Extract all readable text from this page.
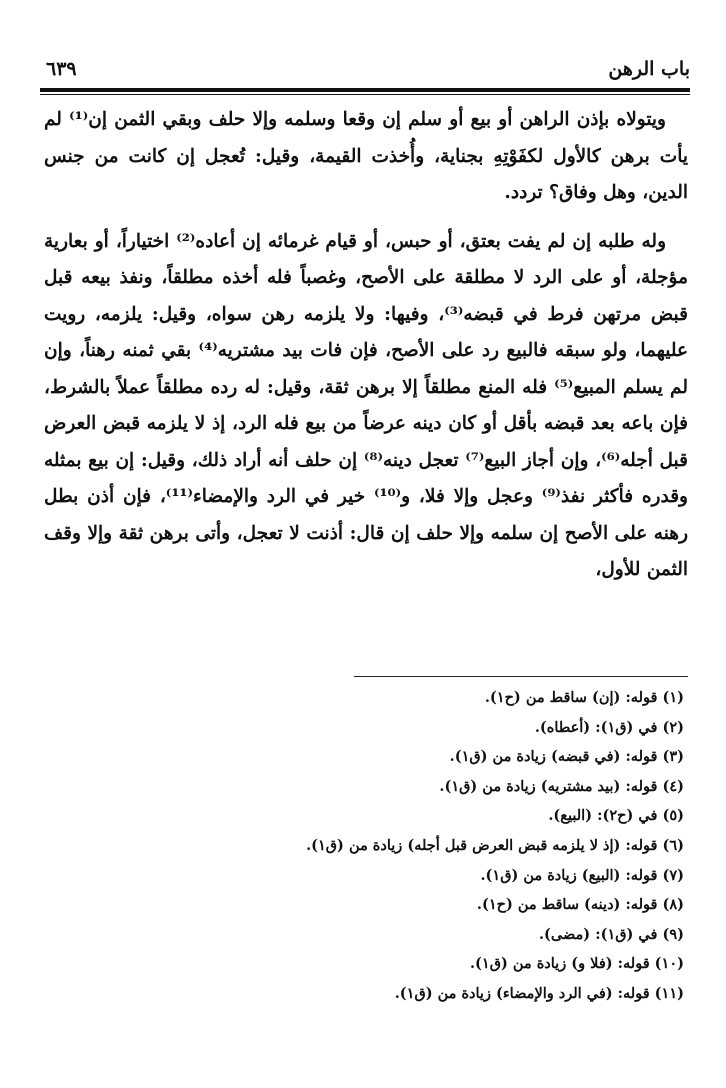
باب الرهن
٦٣٩

ويتولاه بإذن الراهن أو بيع أو سلم إن وقعا وسلمه وإلا حلف وبقي الثمن إن⁽¹⁾ لم يأت برهن كالأول لكفَوْتِهِ بجناية، وأُخذت القيمة، وقيل: تُعجل إن كانت من جنس الدين، وهل وفاق؟ تردد.

وله طلبه إن لم يفت بعتق، أو حبس، أو قيام غرمائه إن أعاده⁽²⁾ اختياراً، أو بعارية مؤجلة، أو على الرد لا مطلقة على الأصح، وغصباً فله أخذه مطلقاً، ونفذ بيعه قبل قبض مرتهن فرط في قبضه⁽³⁾، وفيها: ولا يلزمه رهن سواه، وقيل: يلزمه، رويت عليهما، ولو سبقه فالبيع رد على الأصح، فإن فات بيد مشتريه⁽⁴⁾ بقي ثمنه رهناً، وإن لم يسلم المبيع⁽⁵⁾ فله المنع مطلقاً إلا برهن ثقة، وقيل: له رده مطلقاً عملاً بالشرط، فإن باعه بعد قبضه بأقل أو كان دينه عرضاً من بيع فله الرد، إذ لا يلزمه قبض العرض قبل أجله⁽⁶⁾، وإن أجاز البيع⁽⁷⁾ تعجل دينه⁽⁸⁾ إن حلف أنه أراد ذلك، وقيل: إن بيع بمثله وقدره فأكثر نفذ⁽⁹⁾ وعجل وإلا فلا، و⁽¹⁰⁾ خير في الرد والإمضاء⁽¹¹⁾، فإن أذن بطل رهنه على الأصح إن سلمه وإلا حلف إن قال: أذنت لا تعجل، وأتى برهن ثقة وإلا وقف الثمن للأول،

(١) قوله: (إن) ساقط من (ح١).
(٢) في (ق١): (أعطاه).
(٣) قوله: (في قبضه) زيادة من (ق١).
(٤) قوله: (بيد مشتريه) زيادة من (ق١).
(٥) في (ح٢): (البيع).
(٦) قوله: (إذ لا يلزمه قبض العرض قبل أجله) زيادة من (ق١).
(٧) قوله: (البيع) زيادة من (ق١).
(٨) قوله: (دينه) ساقط من (ح١).
(٩) في (ق١): (مضى).
(١٠) قوله: (فلا و) زيادة من (ق١).
(١١) قوله: (في الرد والإمضاء) زيادة من (ق١).
